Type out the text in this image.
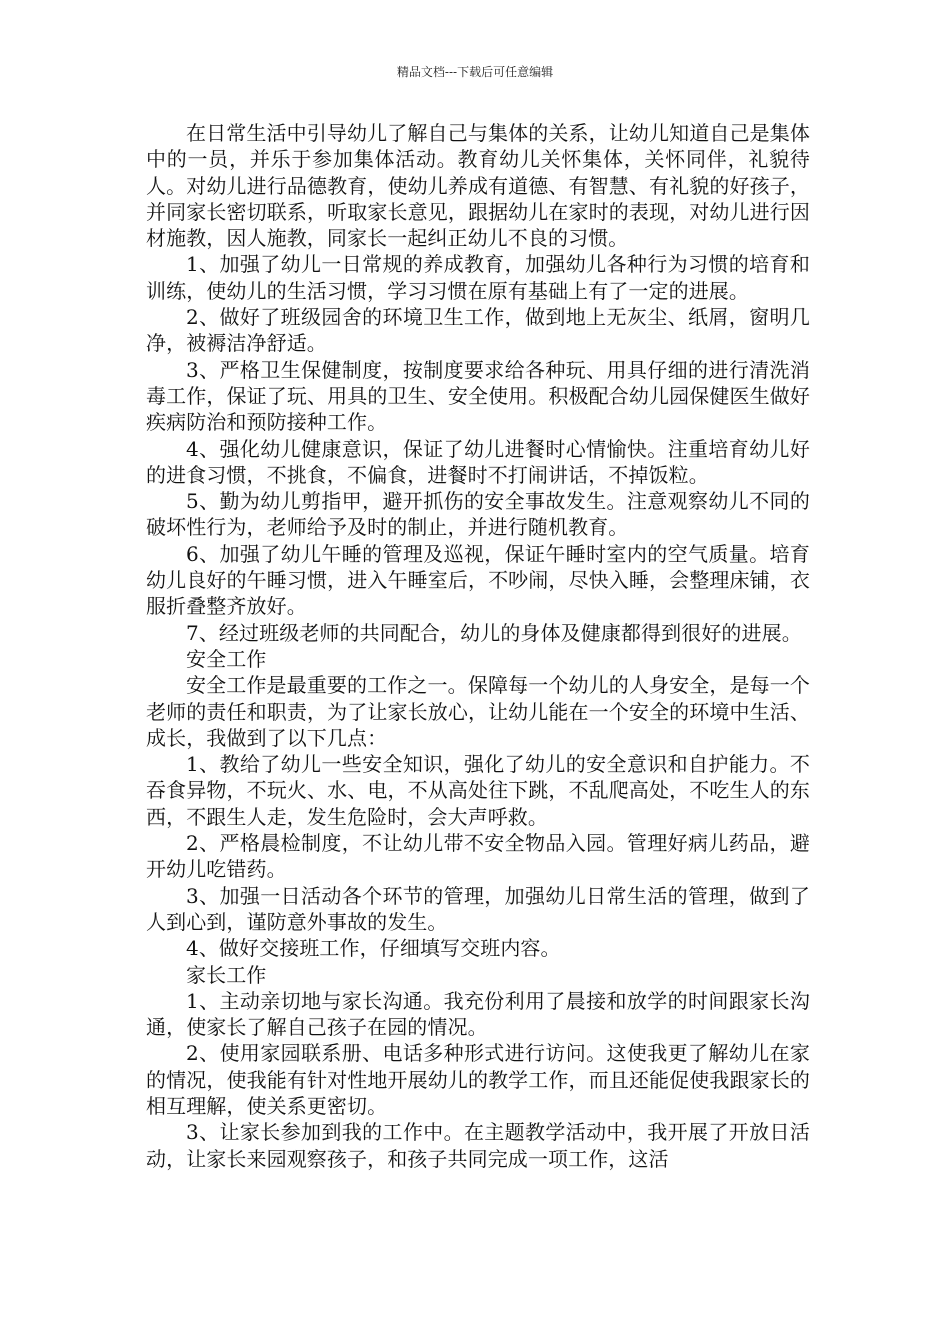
精品文档---下载后可任意编辑

在日常生活中引导幼儿了解自己与集体的关系，让幼儿知道自己是集体中的一员，并乐于参加集体活动。教育幼儿关怀集体，关怀同伴，礼貌待人。对幼儿进行品德教育，使幼儿养成有道德、有智慧、有礼貌的好孩子，并同家长密切联系，听取家长意见，跟据幼儿在家时的表现，对幼儿进行因材施教，因人施教，同家长一起纠正幼儿不良的习惯。

1、加强了幼儿一日常规的养成教育，加强幼儿各种行为习惯的培育和训练，使幼儿的生活习惯，学习习惯在原有基础上有了一定的进展。

2、做好了班级园舍的环境卫生工作，做到地上无灰尘、纸屑，窗明几净，被褥洁净舒适。

3、严格卫生保健制度，按制度要求给各种玩、用具仔细的进行清洗消毒工作，保证了玩、用具的卫生、安全使用。积极配合幼儿园保健医生做好疾病防治和预防接种工作。

4、强化幼儿健康意识，保证了幼儿进餐时心情愉快。注重培育幼儿好的进食习惯，不挑食，不偏食，进餐时不打闹讲话，不掉饭粒。

5、勤为幼儿剪指甲，避开抓伤的安全事故发生。注意观察幼儿不同的破坏性行为，老师给予及时的制止，并进行随机教育。

6、加强了幼儿午睡的管理及巡视，保证午睡时室内的空气质量。培育幼儿良好的午睡习惯，进入午睡室后，不吵闹，尽快入睡，会整理床铺，衣服折叠整齐放好。

7、经过班级老师的共同配合，幼儿的身体及健康都得到很好的进展。

安全工作

安全工作是最重要的工作之一。保障每一个幼儿的人身安全，是每一个老师的责任和职责，为了让家长放心，让幼儿能在一个安全的环境中生活、成长，我做到了以下几点：

1、教给了幼儿一些安全知识，强化了幼儿的安全意识和自护能力。不吞食异物，不玩火、水、电，不从高处往下跳，不乱爬高处，不吃生人的东西，不跟生人走，发生危险时，会大声呼救。

2、严格晨检制度，不让幼儿带不安全物品入园。管理好病儿药品，避开幼儿吃错药。

3、加强一日活动各个环节的管理，加强幼儿日常生活的管理，做到了人到心到，谨防意外事故的发生。

4、做好交接班工作，仔细填写交班内容。

家长工作

1、主动亲切地与家长沟通。我充份利用了晨接和放学的时间跟家长沟通，使家长了解自己孩子在园的情况。

2、使用家园联系册、电话多种形式进行访问。这使我更了解幼儿在家的情况，使我能有针对性地开展幼儿的教学工作，而且还能促使我跟家长的相互理解，使关系更密切。

3、让家长参加到我的工作中。在主题教学活动中，我开展了开放日活动，让家长来园观察孩子，和孩子共同完成一项工作，这活
